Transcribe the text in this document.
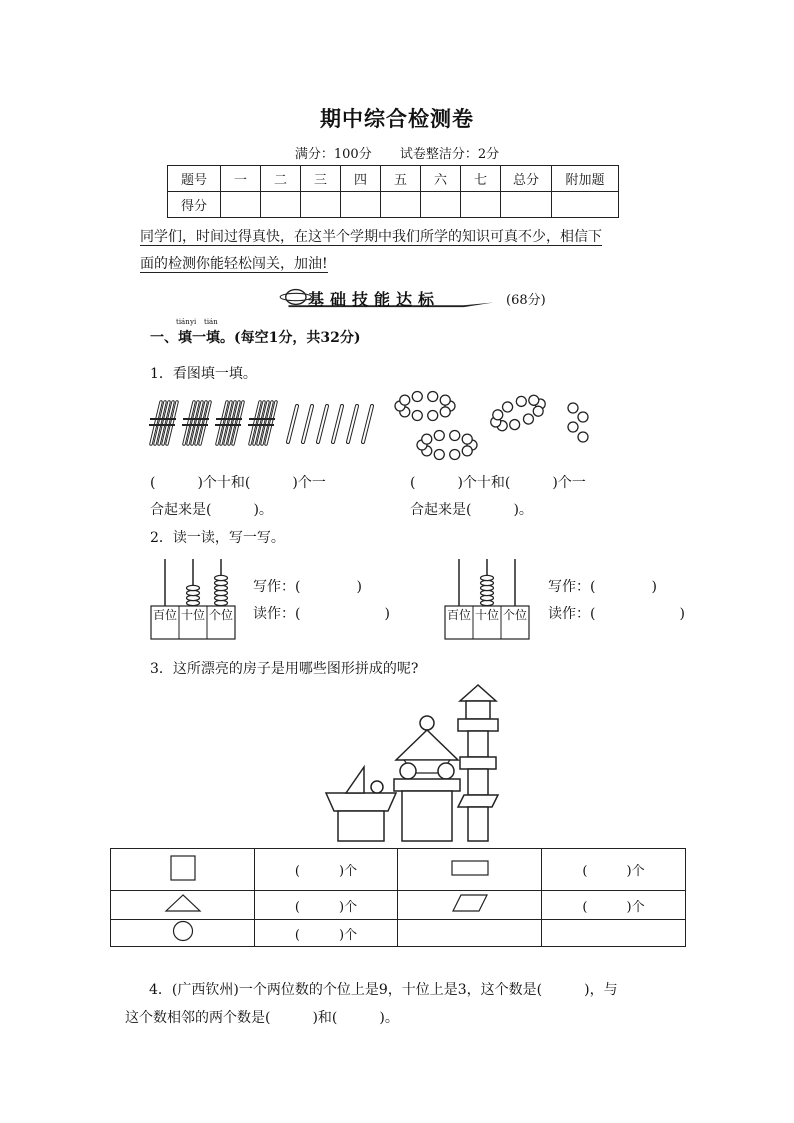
期中综合检测卷
满分：100分 试卷整洁分：2分
题号	一	二	三	四	五	六	七	总分	附加题
得分									
同学们，时间过得真快，在这半个学期中我们所学的知识可真不少，相信下
面的检测你能轻松闯关，加油!
基础技能达标	(68分)
一、
tián
填
yi
一
tián
填。(每空1分，共32分)
1．看图填一填。
(　　　)个十和(　　　)个一
合起来是(　　　)。
(　　　)个十和(　　　)个一
合起来是(　　　)。
2．读一读，写一写。
百位 十位 个位
写作：(　　　　)
读作：(　　　　　　)	百位 十位 个位
写作：(　　　　)
读作：(　　　　　　)
3．这所漂亮的房子是用哪些图形拼成的呢?
	(　　　)个		(　　　)个
	(　　　)个		(　　　)个
	(　　　)个		
4．(广西钦州)一个两位数的个位上是9，十位上是3，这个数是(　　　)，与
这个数相邻的两个数是(　　　)和(　　　)。
